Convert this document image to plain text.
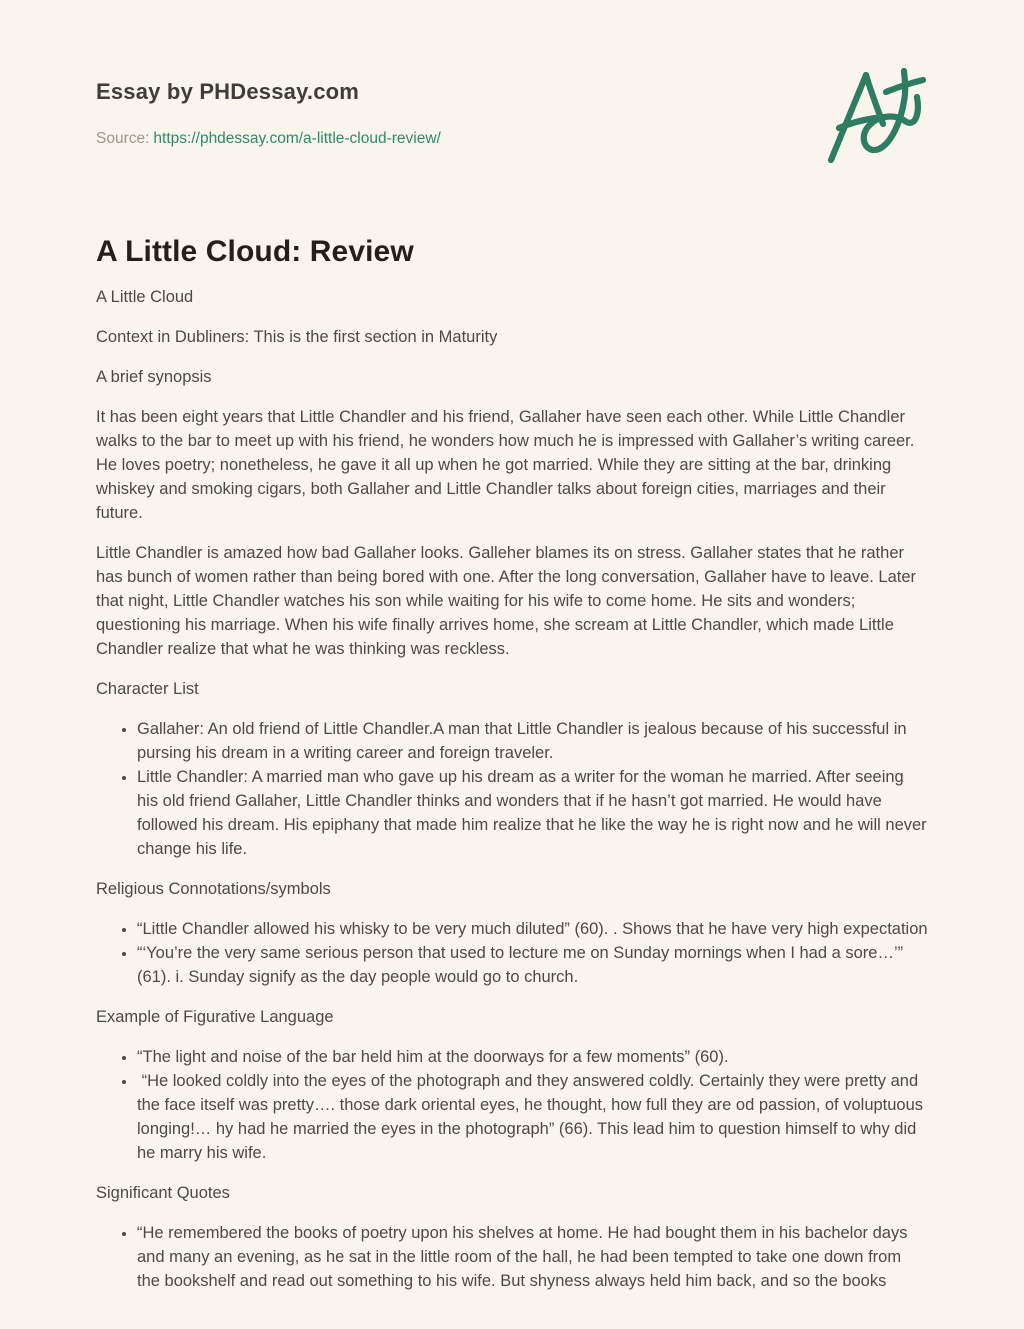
Essay by PHDessay.com
Source: https://phdessay.com/a-little-cloud-review/
A Little Cloud: Review

A Little Cloud

Context in Dubliners: This is the first section in Maturity

A brief synopsis

It has been eight years that Little Chandler and his friend, Gallaher have seen each other. While Little Chandler walks to the bar to meet up with his friend, he wonders how much he is impressed with Gallaher’s writing career. He loves poetry; nonetheless, he gave it all up when he got married. While they are sitting at the bar, drinking whiskey and smoking cigars, both Gallaher and Little Chandler talks about foreign cities, marriages and their future.

Little Chandler is amazed how bad Gallaher looks. Galleher blames its on stress. Gallaher states that he rather has bunch of women rather than being bored with one. After the long conversation, Gallaher have to leave. Later that night, Little Chandler watches his son while waiting for his wife to come home. He sits and wonders; questioning his marriage. When his wife finally arrives home, she scream at Little Chandler, which made Little Chandler realize that what he was thinking was reckless.

Character List

• Gallaher: An old friend of Little Chandler.A man that Little Chandler is jealous because of his successful in pursing his dream in a writing career and foreign traveler.
• Little Chandler: A married man who gave up his dream as a writer for the woman he married. After seeing his old friend Gallaher, Little Chandler thinks and wonders that if he hasn’t got married. He would have followed his dream. His epiphany that made him realize that he like the way he is right now and he will never change his life.

Religious Connotations/symbols

• “Little Chandler allowed his whisky to be very much diluted” (60). . Shows that he have very high expectation
• “‘You’re the very same serious person that used to lecture me on Sunday mornings when I had a sore…’” (61). i. Sunday signify as the day people would go to church.

Example of Figurative Language

• “The light and noise of the bar held him at the doorways for a few moments” (60).
•  “He looked coldly into the eyes of the photograph and they answered coldly. Certainly they were pretty and the face itself was pretty…. those dark oriental eyes, he thought, how full they are od passion, of voluptuous longing!… hy had he married the eyes in the photograph” (66). This lead him to question himself to why did he marry his wife.

Significant Quotes

• “He remembered the books of poetry upon his shelves at home. He had bought them in his bachelor days and many an evening, as he sat in the little room of the hall, he had been tempted to take one down from the bookshelf and read out something to his wife. But shyness always held him back, and so the books
